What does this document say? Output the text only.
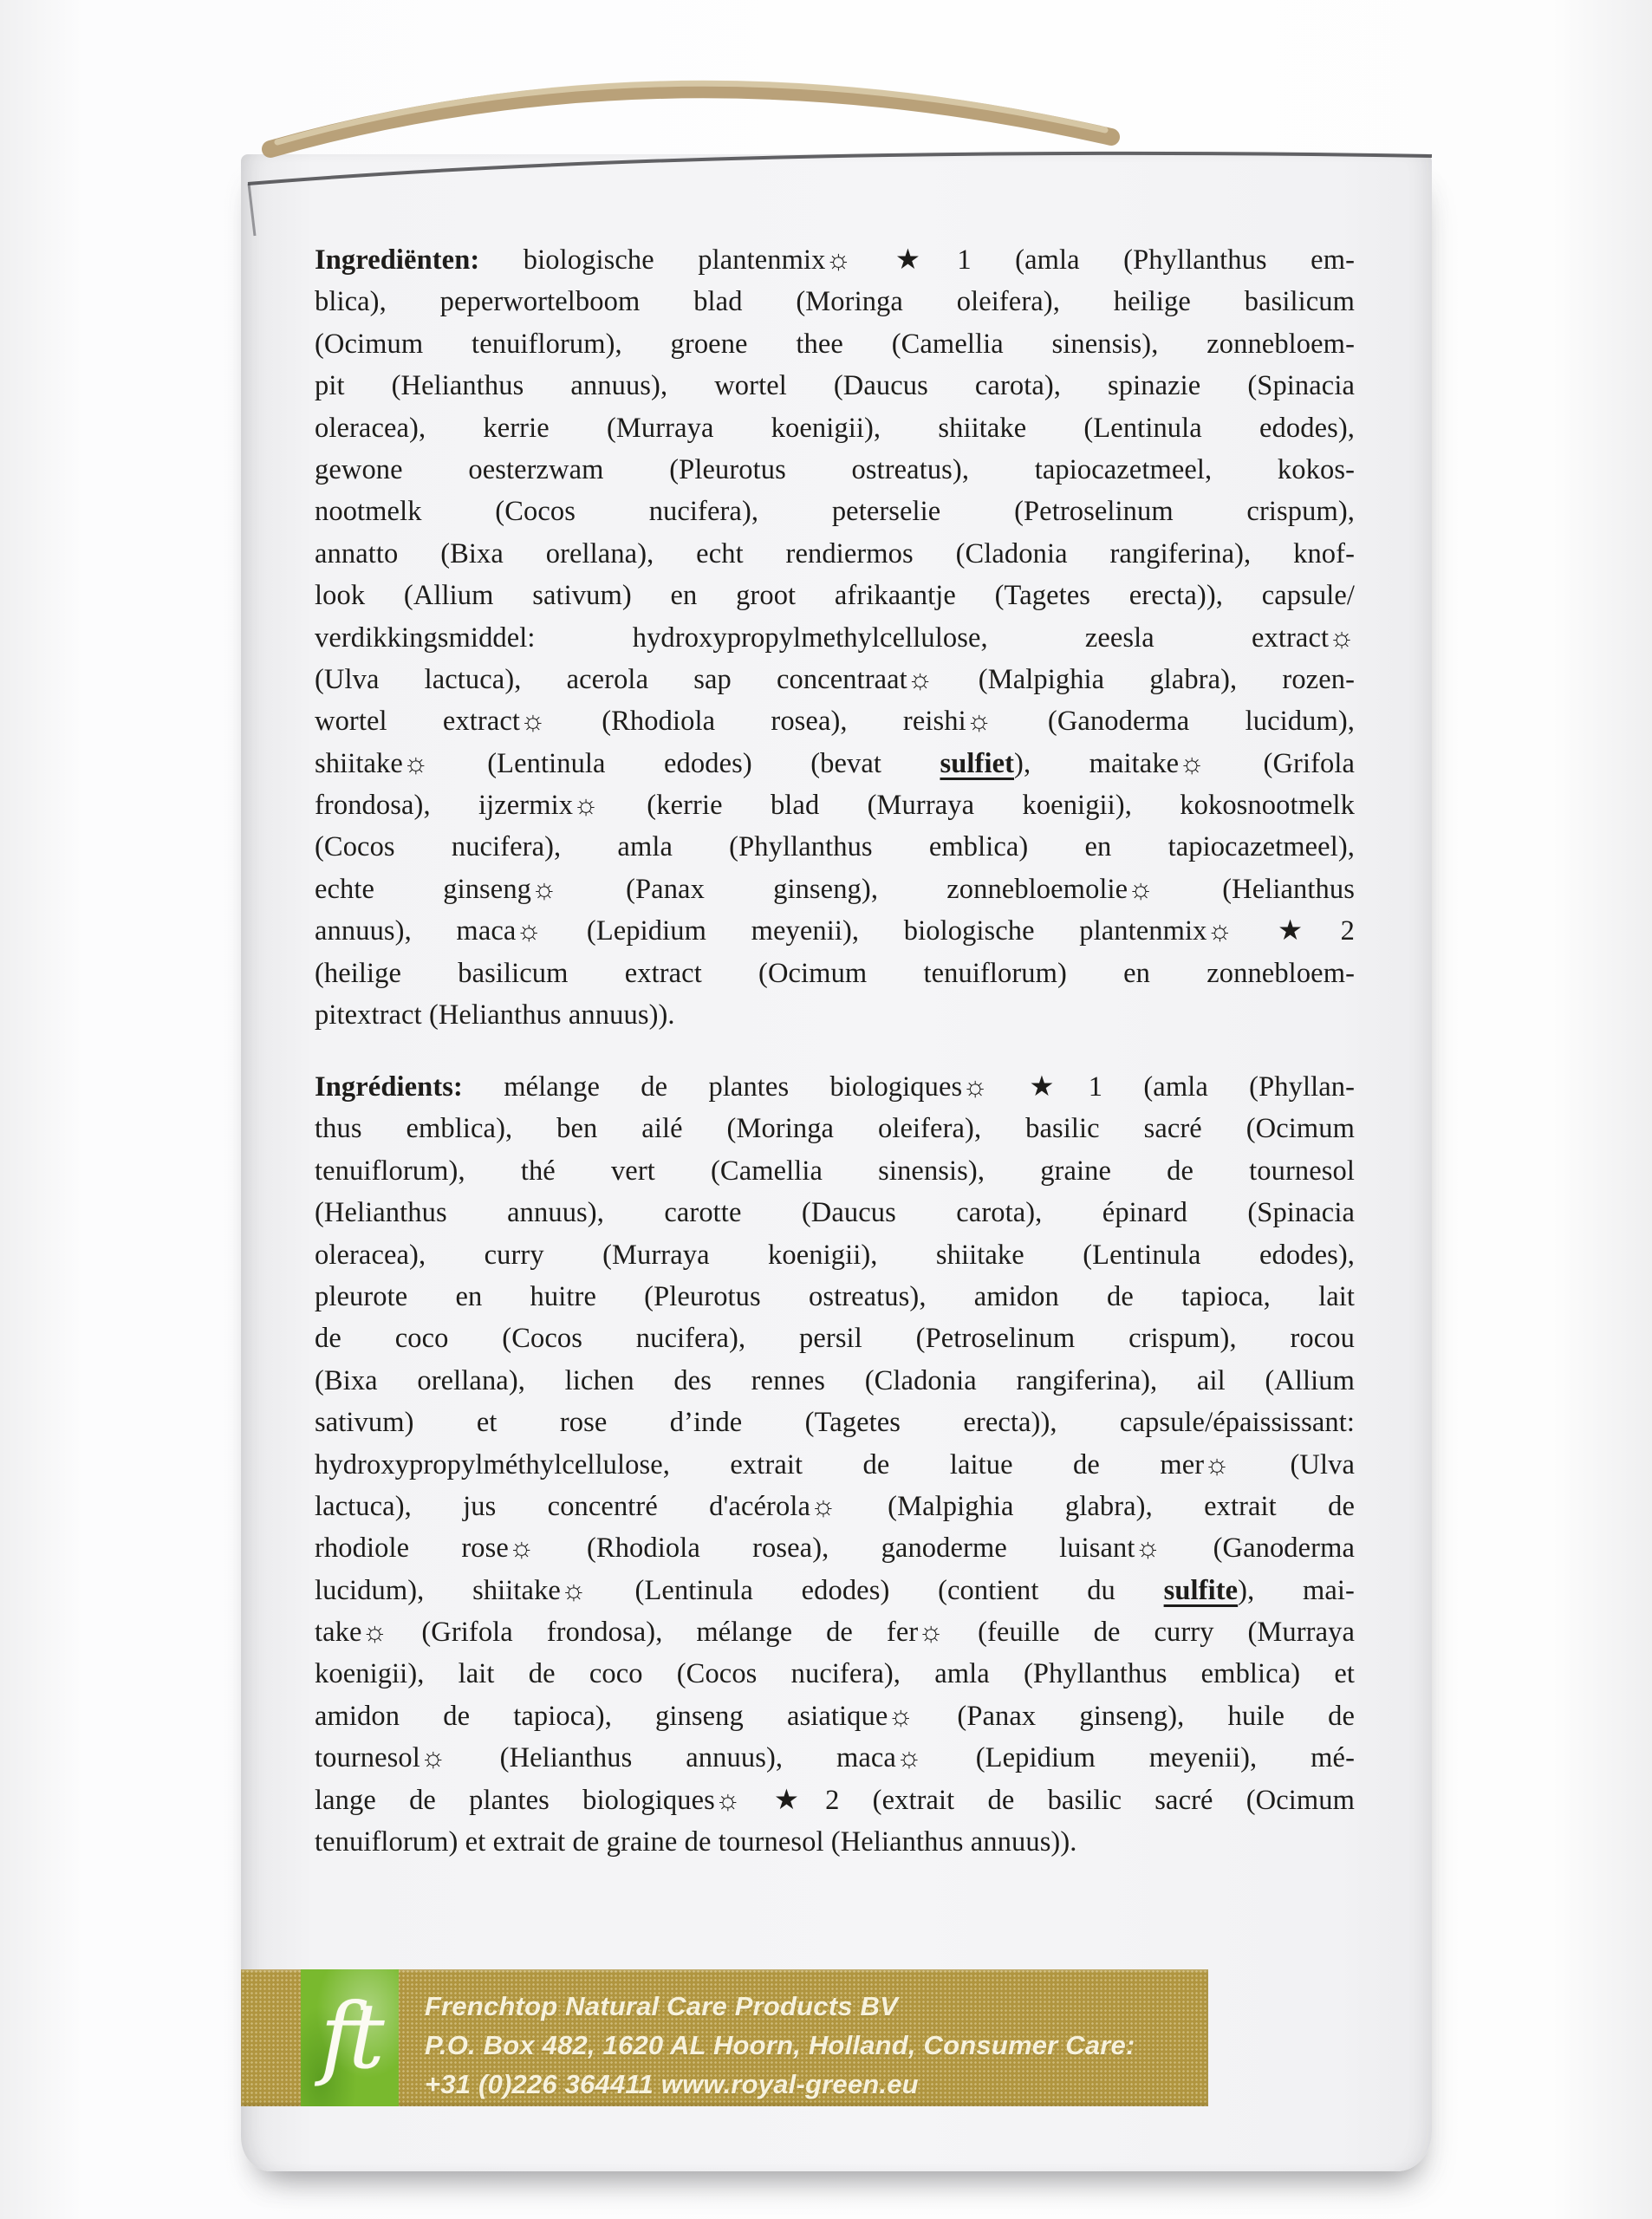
Ingrediënten: biologische plantenmix☼ ★1 (amla (Phyllanthus em-
blica), peperwortelboom blad (Moringa oleifera), heilige basilicum
(Ocimum tenuiflorum), groene thee (Camellia sinensis), zonnebloem-
pit (Helianthus annuus), wortel (Daucus carota), spinazie (Spinacia
oleracea), kerrie (Murraya koenigii), shiitake (Lentinula edodes),
gewone oesterzwam (Pleurotus ostreatus), tapiocazetmeel, kokos-
nootmelk (Cocos nucifera), peterselie (Petroselinum crispum),
annatto (Bixa orellana), echt rendiermos (Cladonia rangiferina), knof-
look (Allium sativum) en groot afrikaantje (Tagetes erecta)), capsule/
verdikkingsmiddel: hydroxypropylmethylcellulose, zeesla extract☼
(Ulva lactuca), acerola sap concentraat☼ (Malpighia glabra), rozen-
wortel extract☼ (Rhodiola rosea), reishi☼ (Ganoderma lucidum),
shiitake☼ (Lentinula edodes) (bevat sulfiet), maitake☼ (Grifola
frondosa), ijzermix☼ (kerrie blad (Murraya koenigii), kokosnootmelk
(Cocos nucifera), amla (Phyllanthus emblica) en tapiocazetmeel),
echte ginseng☼ (Panax ginseng), zonnebloemolie☼ (Helianthus
annuus), maca☼ (Lepidium meyenii), biologische plantenmix☼ ★2
(heilige basilicum extract (Ocimum tenuiflorum) en zonnebloem-
pitextract (Helianthus annuus)).
Ingrédients: mélange de plantes biologiques☼ ★1 (amla (Phyllan-
thus emblica), ben ailé (Moringa oleifera), basilic sacré (Ocimum
tenuiflorum), thé vert (Camellia sinensis), graine de tournesol
(Helianthus annuus), carotte (Daucus carota), épinard (Spinacia
oleracea), curry (Murraya koenigii), shiitake (Lentinula edodes),
pleurote en huitre (Pleurotus ostreatus), amidon de tapioca, lait
de coco (Cocos nucifera), persil (Petroselinum crispum), rocou
(Bixa orellana), lichen des rennes (Cladonia rangiferina), ail (Allium
sativum) et rose d’inde (Tagetes erecta)), capsule/épaississant:
hydroxypropylméthylcellulose, extrait de laitue de mer☼ (Ulva
lactuca), jus concentré d'acérola☼ (Malpighia glabra), extrait de
rhodiole rose☼ (Rhodiola rosea), ganoderme luisant☼ (Ganoderma
lucidum), shiitake☼ (Lentinula edodes) (contient du sulfite), mai-
take☼ (Grifola frondosa), mélange de fer☼ (feuille de curry (Murraya
koenigii), lait de coco (Cocos nucifera), amla (Phyllanthus emblica) et
amidon de tapioca), ginseng asiatique☼ (Panax ginseng), huile de
tournesol☼ (Helianthus annuus), maca☼ (Lepidium meyenii), mé-
lange de plantes biologiques☼ ★2 (extrait de basilic sacré (Ocimum
tenuiflorum) et extrait de graine de tournesol (Helianthus annuus)).
ft Frenchtop Natural Care Products BV
P.O. Box 482, 1620 AL Hoorn, Holland, Consumer Care:
+31 (0)226 364411 www.royal-green.eu
